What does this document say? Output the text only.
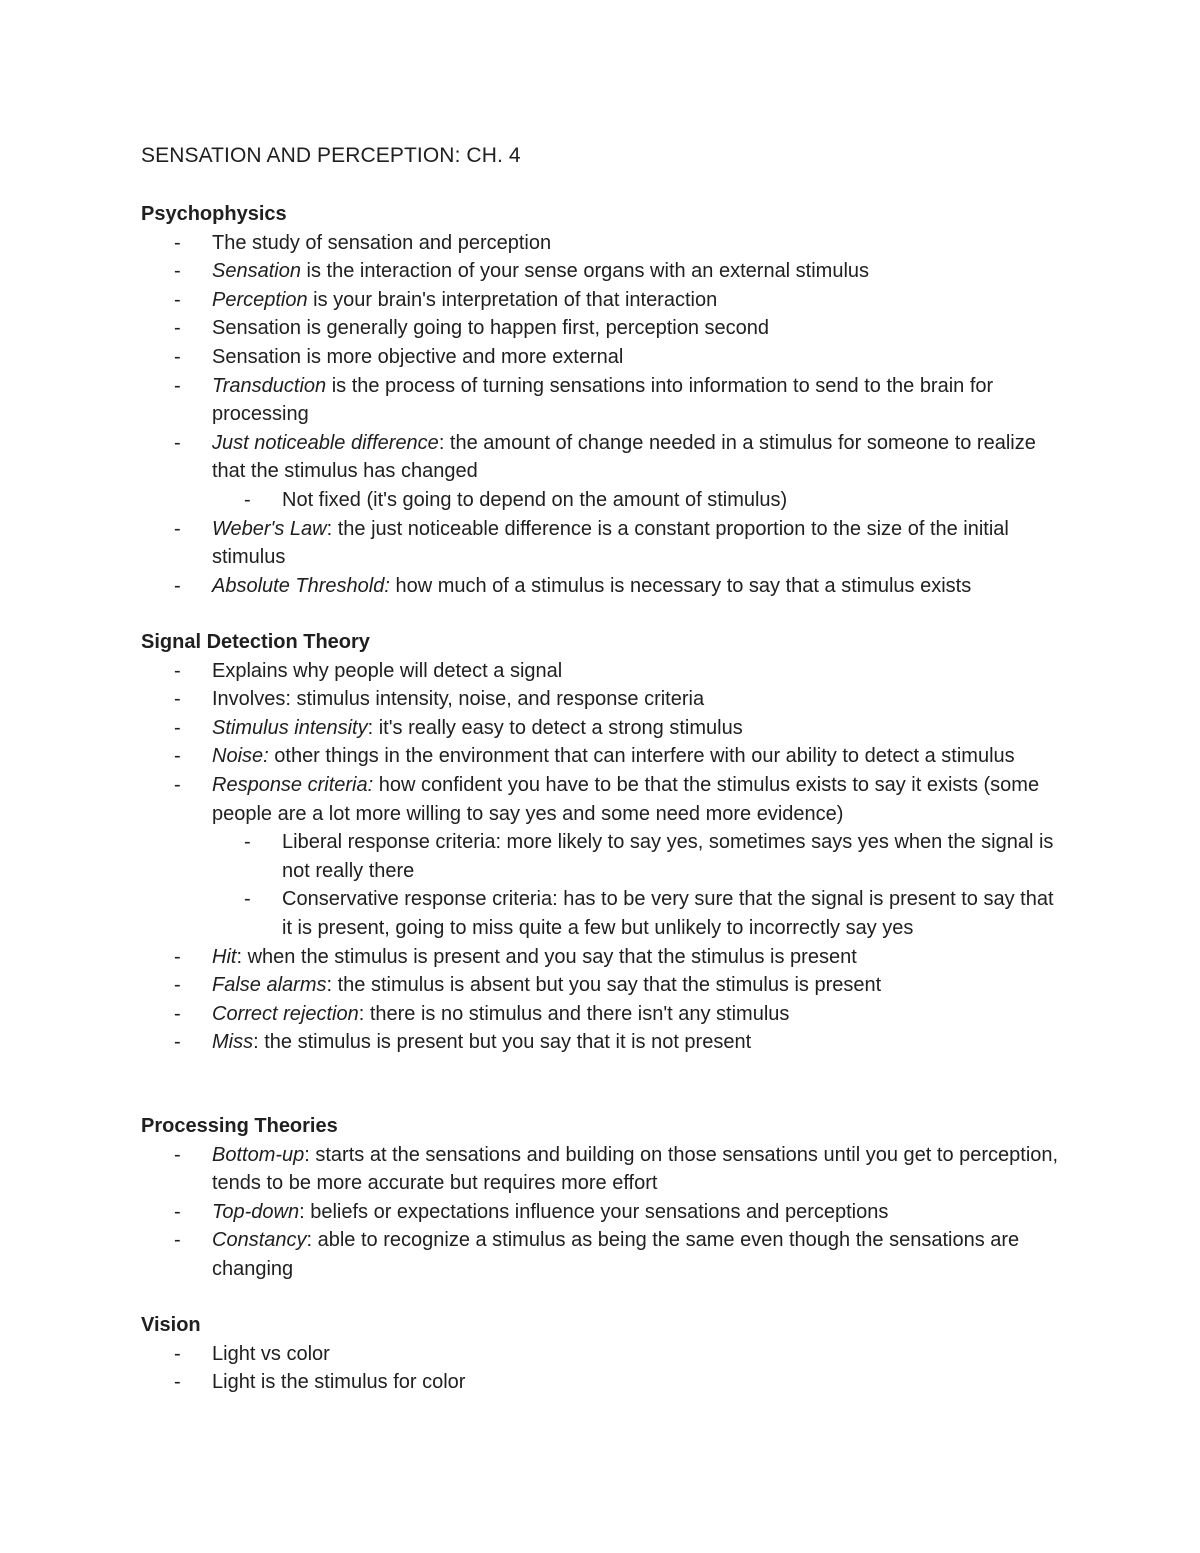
SENSATION AND PERCEPTION: CH. 4
Psychophysics
- The study of sensation and perception
- Sensation is the interaction of your sense organs with an external stimulus
- Perception is your brain's interpretation of that interaction
- Sensation is generally going to happen first, perception second
- Sensation is more objective and more external
- Transduction is the process of turning sensations into information to send to the brain for processing
- Just noticeable difference: the amount of change needed in a stimulus for someone to realize that the stimulus has changed
- Not fixed (it's going to depend on the amount of stimulus)
- Weber's Law: the just noticeable difference is a constant proportion to the size of the initial stimulus
- Absolute Threshold: how much of a stimulus is necessary to say that a stimulus exists
Signal Detection Theory
- Explains why people will detect a signal
- Involves: stimulus intensity, noise, and response criteria
- Stimulus intensity: it's really easy to detect a strong stimulus
- Noise: other things in the environment that can interfere with our ability to detect a stimulus
- Response criteria: how confident you have to be that the stimulus exists to say it exists (some people are a lot more willing to say yes and some need more evidence)
- Liberal response criteria: more likely to say yes, sometimes says yes when the signal is not really there
- Conservative response criteria: has to be very sure that the signal is present to say that it is present, going to miss quite a few but unlikely to incorrectly say yes
- Hit: when the stimulus is present and you say that the stimulus is present
- False alarms: the stimulus is absent but you say that the stimulus is present
- Correct rejection: there is no stimulus and there isn't any stimulus
- Miss: the stimulus is present but you say that it is not present
Processing Theories
- Bottom-up: starts at the sensations and building on those sensations until you get to perception, tends to be more accurate but requires more effort
- Top-down: beliefs or expectations influence your sensations and perceptions
- Constancy: able to recognize a stimulus as being the same even though the sensations are changing
Vision
- Light vs color
- Light is the stimulus for color
